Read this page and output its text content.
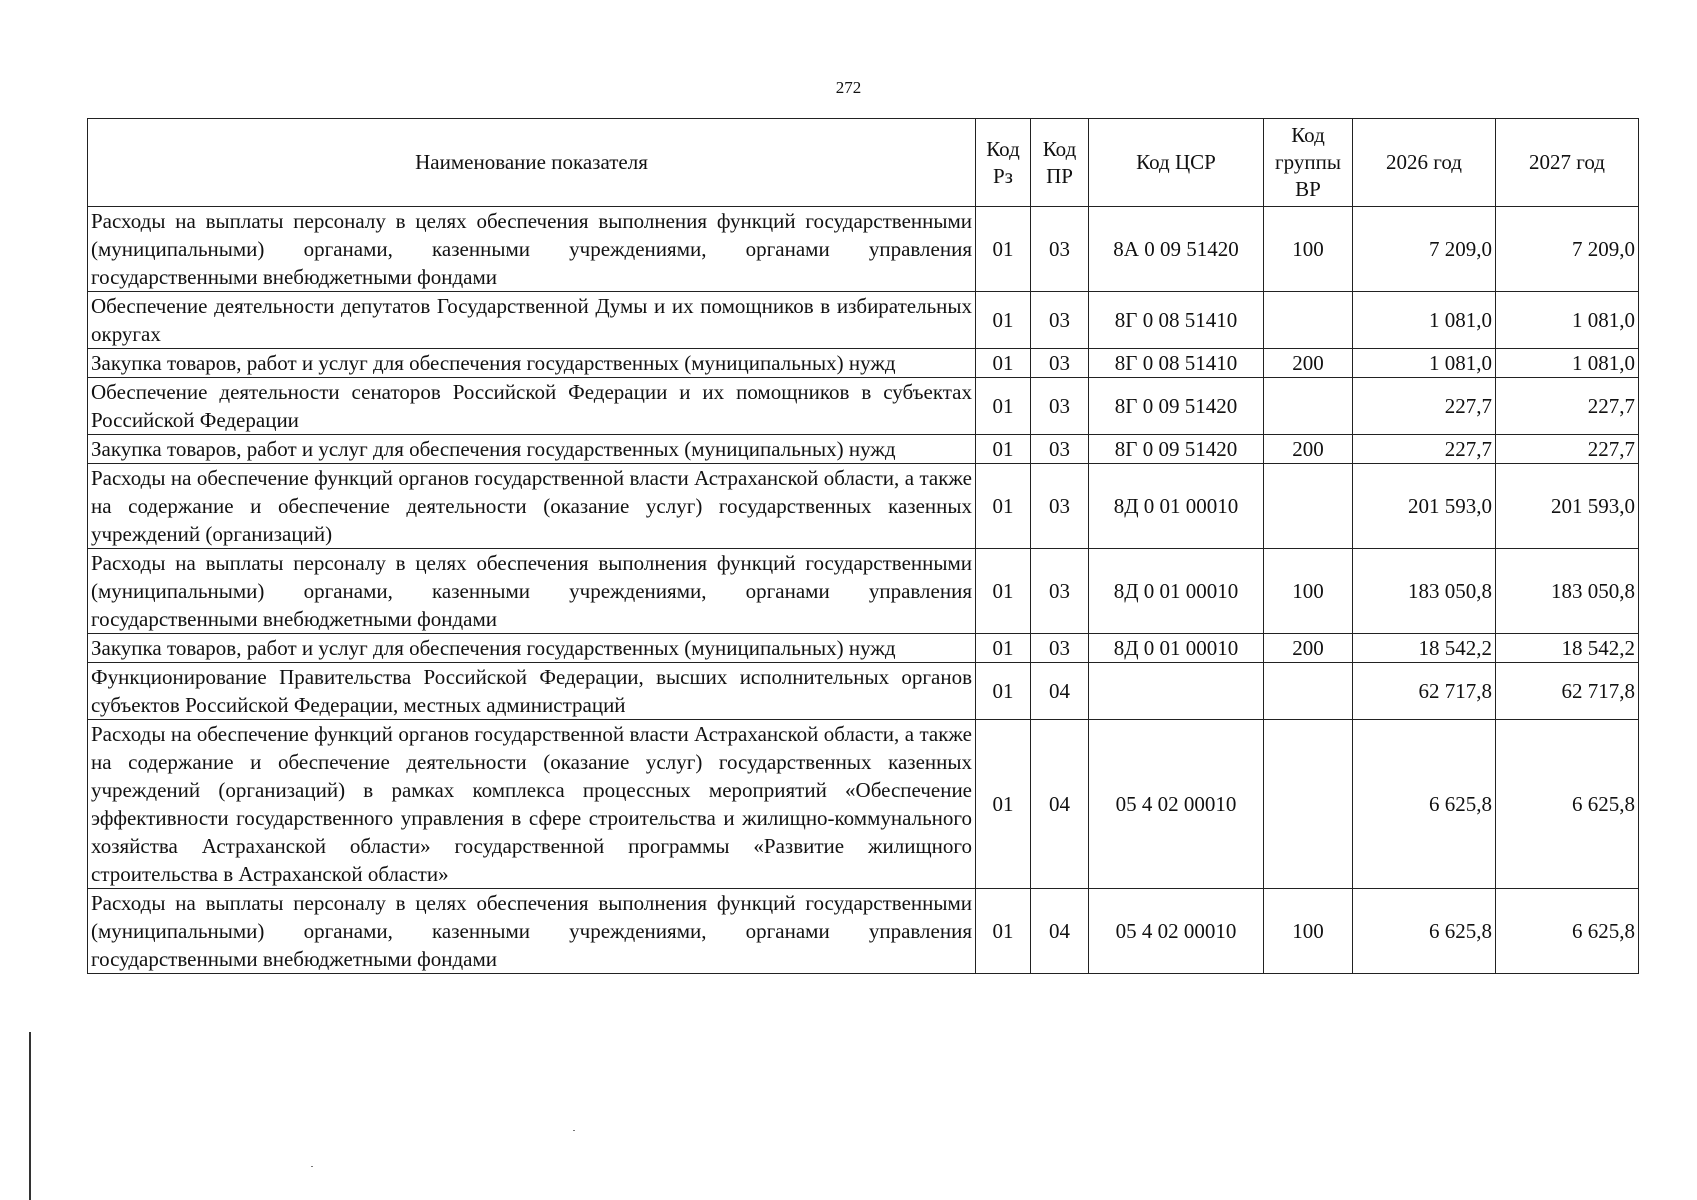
272
Наименование показателя	Код Рз	Код ПР	Код ЦСР	Код группы ВР	2026 год	2027 год
Расходы на выплаты персоналу в целях обеспечения выполнения функций государственными (муниципальными) органами, казенными учреждениями, органами управления государственными внебюджетными фондами	01	03	8А 0 09 51420	100	7 209,0	7 209,0
Обеспечение деятельности депутатов Государственной Думы и их помощников в избирательных округах	01	03	8Г 0 08 51410		1 081,0	1 081,0
Закупка товаров, работ и услуг для обеспечения государственных (муниципальных) нужд	01	03	8Г 0 08 51410	200	1 081,0	1 081,0
Обеспечение деятельности сенаторов Российской Федерации и их помощников в субъектах Российской Федерации	01	03	8Г 0 09 51420		227,7	227,7
Закупка товаров, работ и услуг для обеспечения государственных (муниципальных) нужд	01	03	8Г 0 09 51420	200	227,7	227,7
Расходы на обеспечение функций органов государственной власти Астраханской области, а также на содержание и обеспечение деятельности (оказание услуг) государственных казенных учреждений (организаций)	01	03	8Д 0 01 00010		201 593,0	201 593,0
Расходы на выплаты персоналу в целях обеспечения выполнения функций государственными (муниципальными) органами, казенными учреждениями, органами управления государственными внебюджетными фондами	01	03	8Д 0 01 00010	100	183 050,8	183 050,8
Закупка товаров, работ и услуг для обеспечения государственных (муниципальных) нужд	01	03	8Д 0 01 00010	200	18 542,2	18 542,2
Функционирование Правительства Российской Федерации, высших исполнительных органов субъектов Российской Федерации, местных администраций	01	04			62 717,8	62 717,8
Расходы на обеспечение функций органов государственной власти Астраханской области, а также на содержание и обеспечение деятельности (оказание услуг) государственных казенных учреждений (организаций) в рамках комплекса процессных мероприятий «Обеспечение эффективности государственного управления в сфере строительства и жилищно-коммунального хозяйства Астраханской области» государственной программы «Развитие жилищного строительства в Астраханской области»	01	04	05 4 02 00010		6 625,8	6 625,8
Расходы на выплаты персоналу в целях обеспечения выполнения функций государственными (муниципальными) органами, казенными учреждениями, органами управления государственными внебюджетными фондами	01	04	05 4 02 00010	100	6 625,8	6 625,8
